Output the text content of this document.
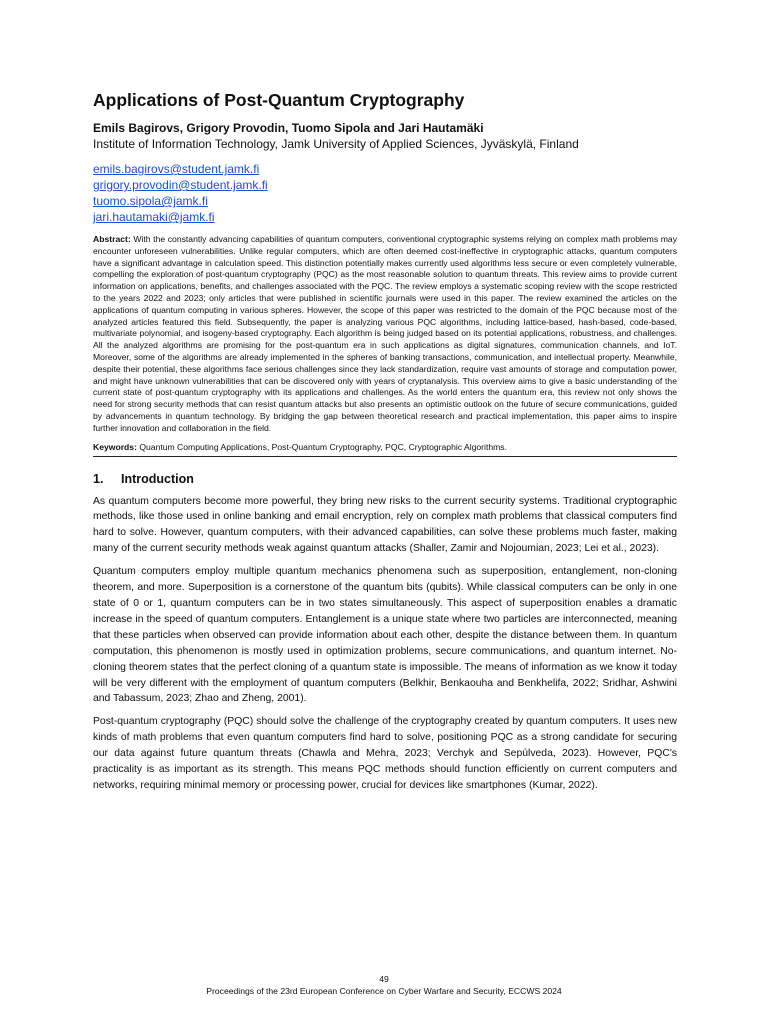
Applications of Post-Quantum Cryptography

Emils Bagirovs, Grigory Provodin, Tuomo Sipola and Jari Hautamäki

Institute of Information Technology, Jamk University of Applied Sciences, Jyväskylä, Finland

emils.bagirovs@student.jamk.fi
grigory.provodin@student.jamk.fi
tuomo.sipola@jamk.fi
jari.hautamaki@jamk.fi

Abstract: With the constantly advancing capabilities of quantum computers, conventional cryptographic systems relying on complex math problems may encounter unforeseen vulnerabilities. Unlike regular computers, which are often deemed cost-ineffective in cryptographic attacks, quantum computers have a significant advantage in calculation speed. This distinction potentially makes currently used algorithms less secure or even completely vulnerable, compelling the exploration of post-quantum cryptography (PQC) as the most reasonable solution to quantum threats. This review aims to provide current information on applications, benefits, and challenges associated with the PQC. The review employs a systematic scoping review with the scope restricted to the years 2022 and 2023; only articles that were published in scientific journals were used in this paper. The review examined the articles on the applications of quantum computing in various spheres. However, the scope of this paper was restricted to the domain of the PQC because most of the analyzed articles featured this field. Subsequently, the paper is analyzing various PQC algorithms, including lattice-based, hash-based, code-based, multivariate polynomial, and isogeny-based cryptography. Each algorithm is being judged based on its potential applications, robustness, and challenges. All the analyzed algorithms are promising for the post-quantum era in such applications as digital signatures, communication channels, and IoT. Moreover, some of the algorithms are already implemented in the spheres of banking transactions, communication, and intellectual property. Meanwhile, despite their potential, these algorithms face serious challenges since they lack standardization, require vast amounts of storage and computation power, and might have unknown vulnerabilities that can be discovered only with years of cryptanalysis. This overview aims to give a basic understanding of the current state of post-quantum cryptography with its applications and challenges. As the world enters the quantum era, this review not only shows the need for strong security methods that can resist quantum attacks but also presents an optimistic outlook on the future of secure communications, guided by advancements in quantum technology. By bridging the gap between theoretical research and practical implementation, this paper aims to inspire further innovation and collaboration in the field.

Keywords: Quantum Computing Applications, Post-Quantum Cryptography, PQC, Cryptographic Algorithms.

1. Introduction

As quantum computers become more powerful, they bring new risks to the current security systems. Traditional cryptographic methods, like those used in online banking and email encryption, rely on complex math problems that classical computers find hard to solve. However, quantum computers, with their advanced capabilities, can solve these problems much faster, making many of the current security methods weak against quantum attacks (Shaller, Zamir and Nojoumian, 2023; Lei et al., 2023).

Quantum computers employ multiple quantum mechanics phenomena such as superposition, entanglement, non-cloning theorem, and more. Superposition is a cornerstone of the quantum bits (qubits). While classical computers can be only in one state of 0 or 1, quantum computers can be in two states simultaneously. This aspect of superposition enables a dramatic increase in the speed of quantum computers. Entanglement is a unique state where two particles are interconnected, meaning that these particles when observed can provide information about each other, despite the distance between them. In quantum computation, this phenomenon is mostly used in optimization problems, secure communications, and quantum internet. No-cloning theorem states that the perfect cloning of a quantum state is impossible. The means of information as we know it today will be very different with the employment of quantum computers (Belkhir, Benkaouha and Benkhelifa, 2022; Sridhar, Ashwini and Tabassum, 2023; Zhao and Zheng, 2001).

Post-quantum cryptography (PQC) should solve the challenge of the cryptography created by quantum computers. It uses new kinds of math problems that even quantum computers find hard to solve, positioning PQC as a strong candidate for securing our data against future quantum threats (Chawla and Mehra, 2023; Verchyk and Sepúlveda, 2023). However, PQC's practicality is as important as its strength. This means PQC methods should function efficiently on current computers and networks, requiring minimal memory or processing power, crucial for devices like smartphones (Kumar, 2022).

49
Proceedings of the 23rd European Conference on Cyber Warfare and Security, ECCWS 2024
